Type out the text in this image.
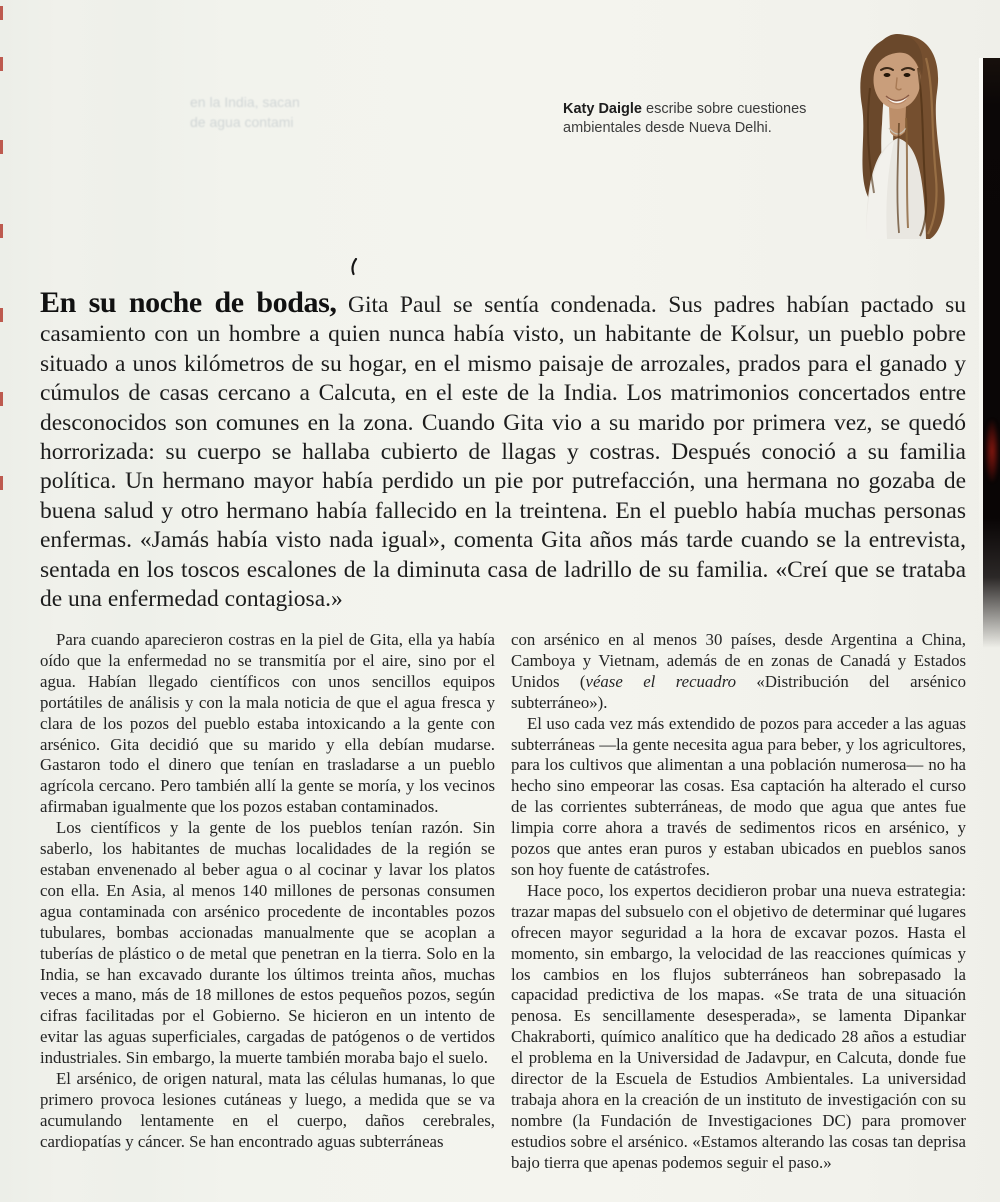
en la India, sacan
de agua contami

Katy Daigle escribe sobre cuestiones ambientales desde Nueva Delhi.

En su noche de bodas, Gita Paul se sentía condenada. Sus padres habían pactado su casamiento con un hombre a quien nunca había visto, un habitante de Kolsur, un pueblo pobre situado a unos kilómetros de su hogar, en el mismo paisaje de arrozales, prados para el ganado y cúmulos de casas cercano a Calcuta, en el este de la India. Los matrimonios concertados entre desconocidos son comunes en la zona. Cuando Gita vio a su marido por primera vez, se quedó horrorizada: su cuerpo se hallaba cubierto de llagas y costras. Después conoció a su familia política. Un hermano mayor había perdido un pie por putrefacción, una hermana no gozaba de buena salud y otro hermano había fallecido en la treintena. En el pueblo había muchas personas enfermas. «Jamás había visto nada igual», comenta Gita años más tarde cuando se la entrevista, sentada en los toscos escalones de la diminuta casa de ladrillo de su familia. «Creí que se trataba de una enfermedad contagiosa.»

Para cuando aparecieron costras en la piel de Gita, ella ya había oído que la enfermedad no se transmitía por el aire, sino por el agua. Habían llegado científicos con unos sencillos equipos portátiles de análisis y con la mala noticia de que el agua fresca y clara de los pozos del pueblo estaba intoxicando a la gente con arsénico. Gita decidió que su marido y ella debían mudarse. Gastaron todo el dinero que tenían en trasladarse a un pueblo agrícola cercano. Pero también allí la gente se moría, y los vecinos afirmaban igualmente que los pozos estaban contaminados.

Los científicos y la gente de los pueblos tenían razón. Sin saberlo, los habitantes de muchas localidades de la región se estaban envenenado al beber agua o al cocinar y lavar los platos con ella. En Asia, al menos 140 millones de personas consumen agua contaminada con arsénico procedente de incontables pozos tubulares, bombas accionadas manualmente que se acoplan a tuberías de plástico o de metal que penetran en la tierra. Solo en la India, se han excavado durante los últimos treinta años, muchas veces a mano, más de 18 millones de estos pequeños pozos, según cifras facilitadas por el Gobierno. Se hicieron en un intento de evitar las aguas superficiales, cargadas de patógenos o de vertidos industriales. Sin embargo, la muerte también moraba bajo el suelo.

El arsénico, de origen natural, mata las células humanas, lo que primero provoca lesiones cutáneas y luego, a medida que se va acumulando lentamente en el cuerpo, daños cerebrales, cardiopatías y cáncer. Se han encontrado aguas subterráneas

con arsénico en al menos 30 países, desde Argentina a China, Camboya y Vietnam, además de en zonas de Canadá y Estados Unidos (véase el recuadro «Distribución del arsénico subterráneo»).

El uso cada vez más extendido de pozos para acceder a las aguas subterráneas —la gente necesita agua para beber, y los agricultores, para los cultivos que alimentan a una población numerosa— no ha hecho sino empeorar las cosas. Esa captación ha alterado el curso de las corrientes subterráneas, de modo que agua que antes fue limpia corre ahora a través de sedimentos ricos en arsénico, y pozos que antes eran puros y estaban ubicados en pueblos sanos son hoy fuente de catástrofes.

Hace poco, los expertos decidieron probar una nueva estrategia: trazar mapas del subsuelo con el objetivo de determinar qué lugares ofrecen mayor seguridad a la hora de excavar pozos. Hasta el momento, sin embargo, la velocidad de las reacciones químicas y los cambios en los flujos subterráneos han sobrepasado la capacidad predictiva de los mapas. «Se trata de una situación penosa. Es sencillamente desesperada», se lamenta Dipankar Chakraborti, químico analítico que ha dedicado 28 años a estudiar el problema en la Universidad de Jadavpur, en Calcuta, donde fue director de la Escuela de Estudios Ambientales. La universidad trabaja ahora en la creación de un instituto de investigación con su nombre (la Fundación de Investigaciones DC) para promover estudios sobre el arsénico. «Estamos alterando las cosas tan deprisa bajo tierra que apenas podemos seguir el paso.»
